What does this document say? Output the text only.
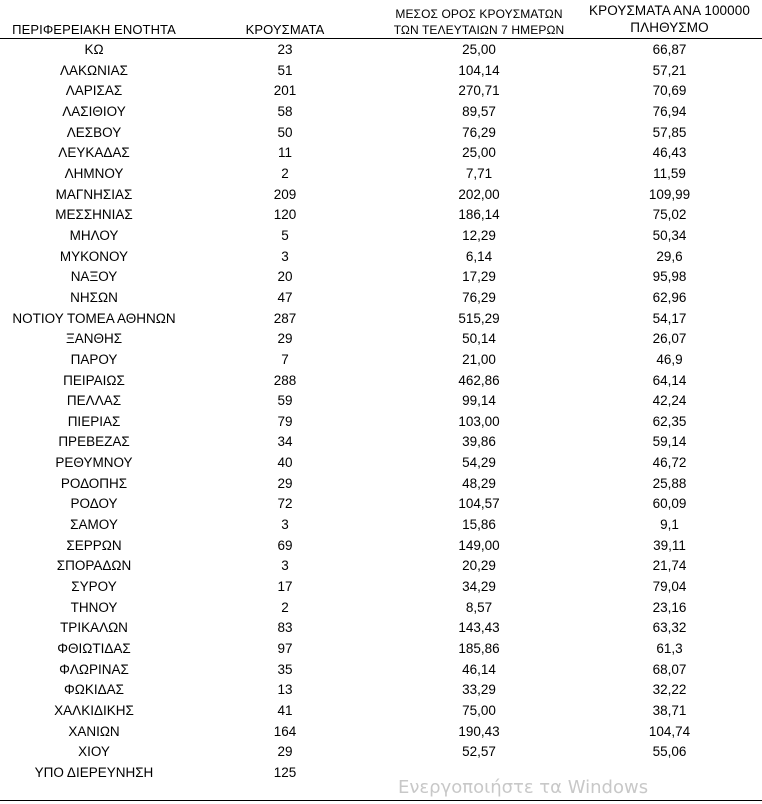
ΠΕΡΙΦΕΡΕΙΑΚΗ ΕΝΟΤΗΤΑ	ΚΡΟΥΣΜΑΤΑ
ΜΕΣΟΣ ΟΡΟΣ ΚΡΟΥΣΜΑΤΩΝ
ΤΩΝ ΤΕΛΕΥΤΑΙΩΝ 7 ΗΜΕΡΩΝ
ΚΡΟΥΣΜΑΤΑ ΑΝΑ 100000
ΠΛΗΘΥΣΜΟ
ΚΩ	23	25,00	66,87
ΛΑΚΩΝΙΑΣ	51	104,14	57,21
ΛΑΡΙΣΑΣ	201	270,71	70,69
ΛΑΣΙΘΙΟΥ	58	89,57	76,94
ΛΕΣΒΟΥ	50	76,29	57,85
ΛΕΥΚΑΔΑΣ	11	25,00	46,43
ΛΗΜΝΟΥ	2	7,71	11,59
ΜΑΓΝΗΣΙΑΣ	209	202,00	109,99
ΜΕΣΣΗΝΙΑΣ	120	186,14	75,02
ΜΗΛΟΥ	5	12,29	50,34
ΜΥΚΟΝΟΥ	3	6,14	29,6
ΝΑΞΟΥ	20	17,29	95,98
ΝΗΣΩΝ	47	76,29	62,96
ΝΟΤΙΟΥ ΤΟΜΕΑ ΑΘΗΝΩΝ	287	515,29	54,17
ΞΑΝΘΗΣ	29	50,14	26,07
ΠΑΡΟΥ	7	21,00	46,9
ΠΕΙΡΑΙΩΣ	288	462,86	64,14
ΠΕΛΛΑΣ	59	99,14	42,24
ΠΙΕΡΙΑΣ	79	103,00	62,35
ΠΡΕΒΕΖΑΣ	34	39,86	59,14
ΡΕΘΥΜΝΟΥ	40	54,29	46,72
ΡΟΔΟΠΗΣ	29	48,29	25,88
ΡΟΔΟΥ	72	104,57	60,09
ΣΑΜΟΥ	3	15,86	9,1
ΣΕΡΡΩΝ	69	149,00	39,11
ΣΠΟΡΑΔΩΝ	3	20,29	21,74
ΣΥΡΟΥ	17	34,29	79,04
ΤΗΝΟΥ	2	8,57	23,16
ΤΡΙΚΑΛΩΝ	83	143,43	63,32
ΦΘΙΩΤΙΔΑΣ	97	185,86	61,3
ΦΛΩΡΙΝΑΣ	35	46,14	68,07
ΦΩΚΙΔΑΣ	13	33,29	32,22
ΧΑΛΚΙΔΙΚΗΣ	41	75,00	38,71
ΧΑΝΙΩΝ	164	190,43	104,74
ΧΙΟΥ	29	52,57	55,06
ΥΠΟ ΔΙΕΡΕΥΝΗΣΗ	125
Ενεργοποιήστε τα Windows
